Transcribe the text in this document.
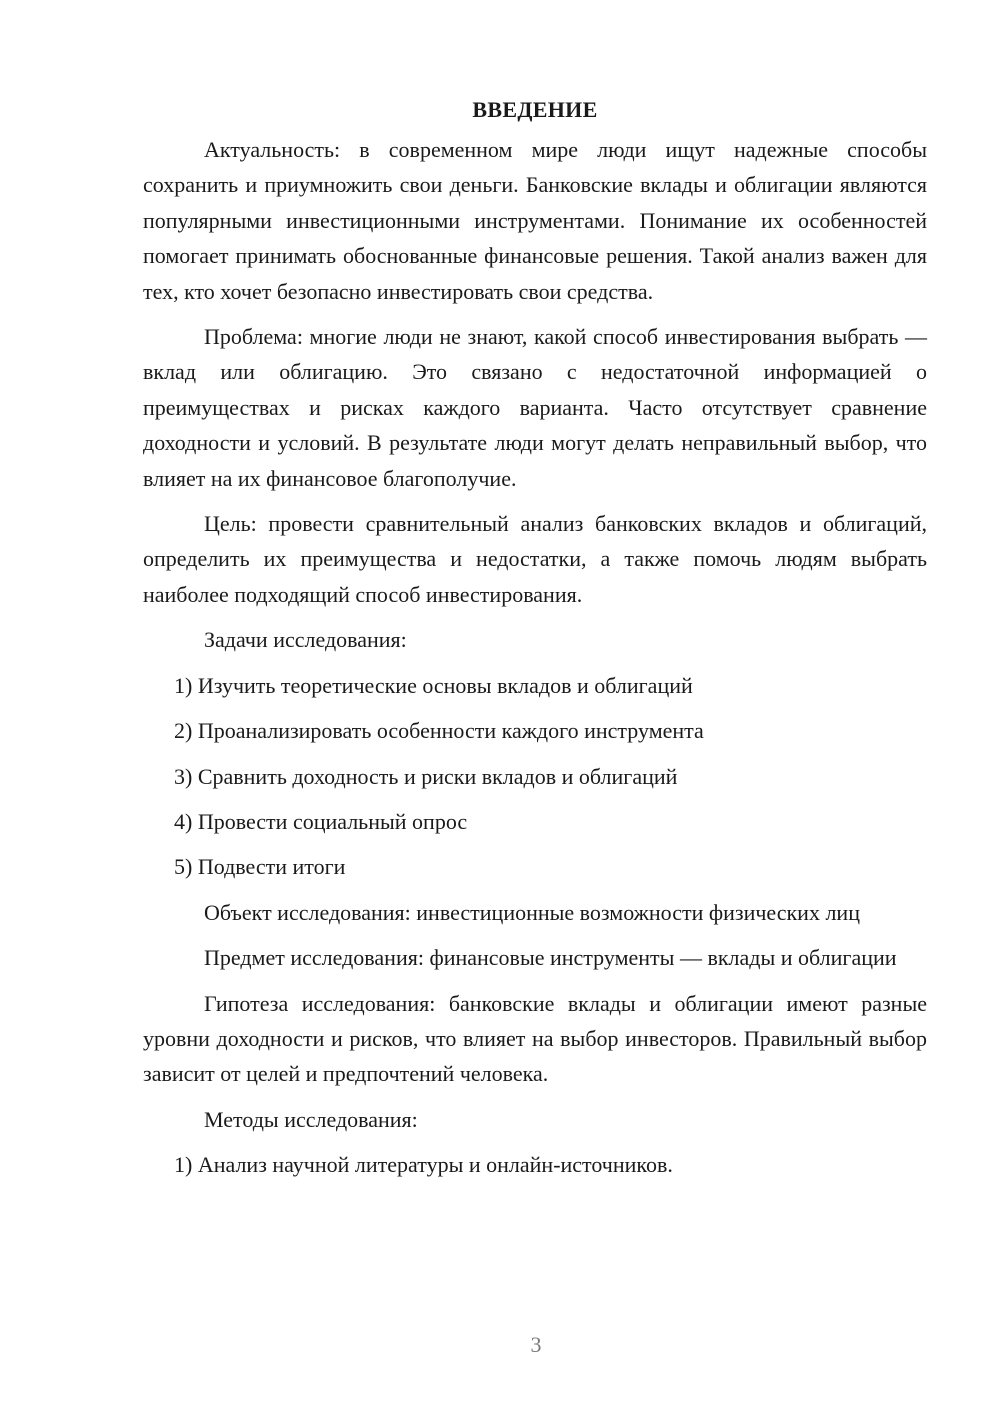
ВВЕДЕНИЕ

Актуальность: в современном мире люди ищут надежные способы сохранить и приумножить свои деньги. Банковские вклады и облигации являются популярными инвестиционными инструментами. Понимание их особенностей помогает принимать обоснованные финансовые решения. Такой анализ важен для тех, кто хочет безопасно инвестировать свои средства.

Проблема: многие люди не знают, какой способ инвестирования выбрать — вклад или облигацию. Это связано с недостаточной информацией о преимуществах и рисках каждого варианта. Часто отсутствует сравнение доходности и условий. В результате люди могут делать неправильный выбор, что влияет на их финансовое благополучие.

Цель: провести сравнительный анализ банковских вкладов и облигаций, определить их преимущества и недостатки, а также помочь людям выбрать наиболее подходящий способ инвестирования.

Задачи исследования:

1) Изучить теоретические основы вкладов и облигаций

2) Проанализировать особенности каждого инструмента

3) Сравнить доходность и риски вкладов и облигаций

4) Провести социальный опрос

5) Подвести итоги

Объект исследования: инвестиционные возможности физических лиц

Предмет исследования: финансовые инструменты — вклады и облигации

Гипотеза исследования: банковские вклады и облигации имеют разные уровни доходности и рисков, что влияет на выбор инвесторов. Правильный выбор зависит от целей и предпочтений человека.

Методы исследования:

1) Анализ научной литературы и онлайн-источников.

3
